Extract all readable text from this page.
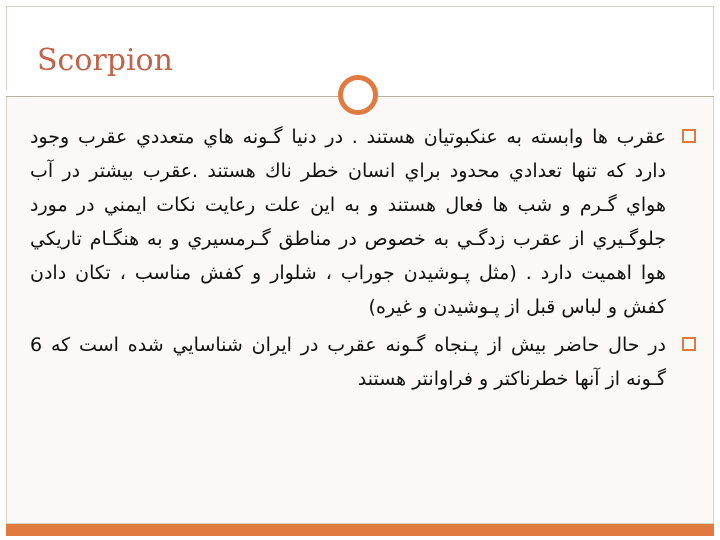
Scorpion
عقرب ها وابسته به عنكبوتيان هستند . در دنيا گـونه هاي متعددي عقرب وجود دارد كه تنها تعدادي محدود براي انسان خطر ناك هستند .عقرب بيشتر در آب هواي گـرم و شب ها فعال هستند و به اين علت رعايت نكات ايمني در مورد جلوگـيري از عقرب زدگـي به خصوص در مناطق گـرمسيري و به هنگـام تاريكي هوا اهميت دارد . (مثل پـوشيدن جوراب ، شلوار و كفش مناسب ، تكان دادن كفش و لباس قبل از پـوشيدن و غيره)
در حال حاضر بيش از پـنجاه گـونه عقرب در ايران شناسايي شده است كه 6 گـونه از آنها خطرناكتر و فراوانتر هستند
